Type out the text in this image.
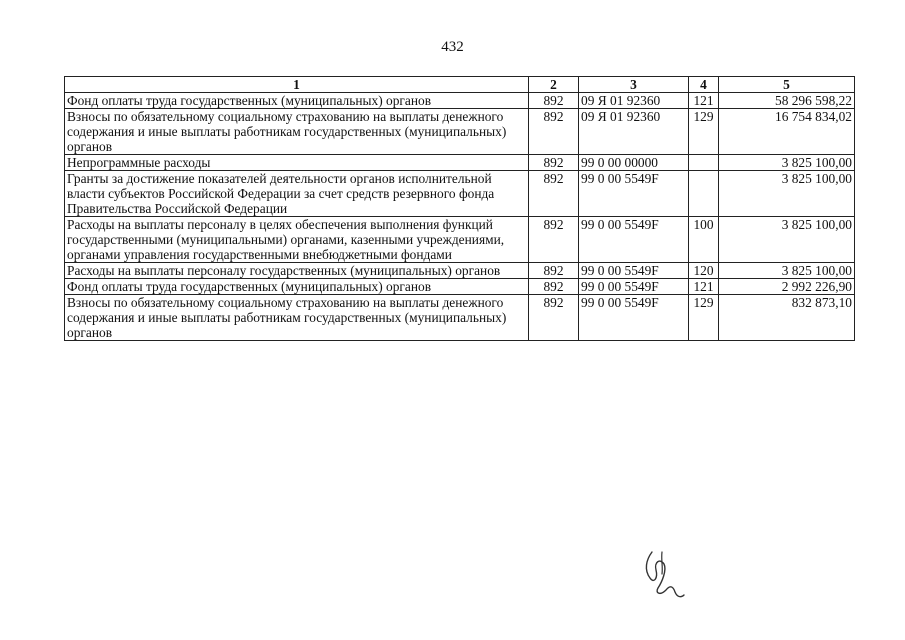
432
1	2	3	4	5
Фонд оплаты труда государственных (муниципальных) органов	892	09 Я 01 92360	121	58 296 598,22
Взносы по обязательному социальному страхованию на выплаты денежного содержания и иные выплаты работникам государственных (муниципальных) органов	892	09 Я 01 92360	129	16 754 834,02
Непрограммные расходы	892	99 0 00 00000		3 825 100,00
Гранты за достижение показателей деятельности органов исполнительной власти субъектов Российской Федерации за счет средств резервного фонда Правительства Российской Федерации	892	99 0 00 5549F		3 825 100,00
Расходы на выплаты персоналу в целях обеспечения выполнения функций государственными (муниципальными) органами, казенными учреждениями, органами управления государственными внебюджетными фондами	892	99 0 00 5549F	100	3 825 100,00
Расходы на выплаты персоналу государственных (муниципальных) органов	892	99 0 00 5549F	120	3 825 100,00
Фонд оплаты труда государственных (муниципальных) органов	892	99 0 00 5549F	121	2 992 226,90
Взносы по обязательному социальному страхованию на выплаты денежного содержания и иные выплаты работникам государственных (муниципальных) органов	892	99 0 00 5549F	129	832 873,10
